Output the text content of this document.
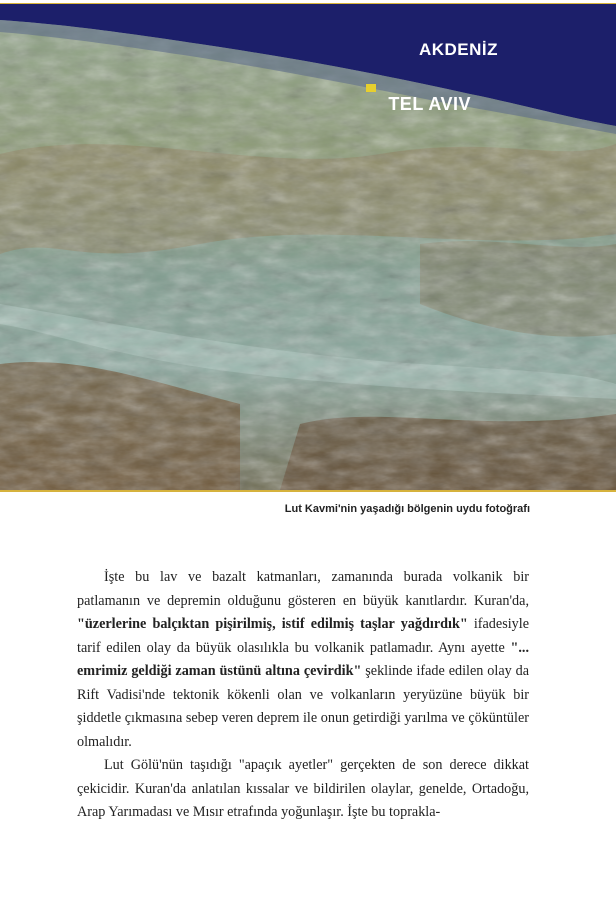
AKDENİZ
TEL AVIV
Lut Kavmi'nin yaşadığı bölgenin uydu fotoğrafı

İşte bu lav ve bazalt katmanları, zamanında burada volkanik bir patlamanın ve depremin olduğunu gösteren en büyük kanıtlardır. Kuran'da, "üzerlerine balçıktan pişirilmiş, istif edilmiş taşlar yağdırdık" ifadesiyle tarif edilen olay da büyük olasılıkla bu volkanik patlamadır. Aynı ayette "... emrimiz geldiği zaman üstünü altına çevirdik" şeklinde ifade edilen olay da Rift Vadisi'nde tektonik kökenli olan ve volkanların yeryüzüne büyük bir şiddetle çıkmasına sebep veren deprem ile onun getirdiği yarılma ve çöküntüler olmalıdır.

Lut Gölü'nün taşıdığı "apaçık ayetler" gerçekten de son derece dikkat çekicidir. Kuran'da anlatılan kıssalar ve bildirilen olaylar, genelde, Ortadoğu, Arap Yarımadası ve Mısır etrafında yoğunlaşır. İşte bu toprakla-
